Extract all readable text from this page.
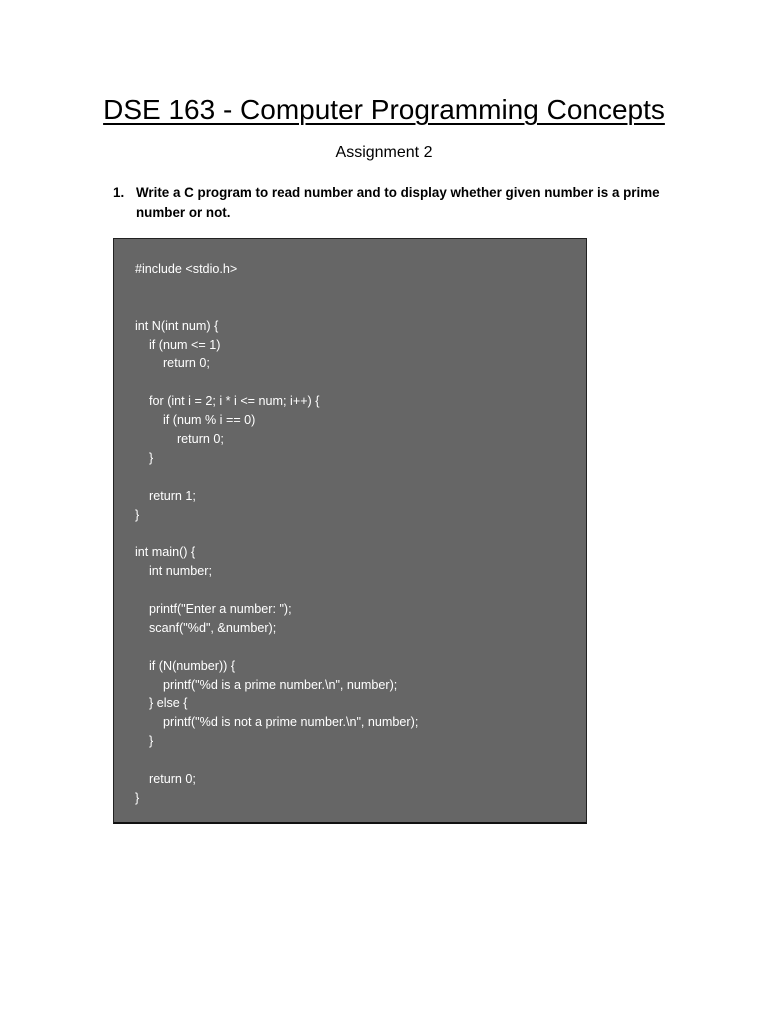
DSE 163 - Computer Programming Concepts
Assignment 2
1. Write a C program to read number and to display whether given number is a prime number or not.
#include <stdio.h>
int N(int num) {
if (num <= 1)
return 0;
for (int i = 2; i * i <= num; i++) {
if (num % i == 0)
return 0;
}
return 1;
}
int main() {
int number;
printf("Enter a number: ");
scanf("%d", &number);
if (N(number)) {
printf("%d is a prime number.\n", number);
} else {
printf("%d is not a prime number.\n", number);
}
return 0;
}
